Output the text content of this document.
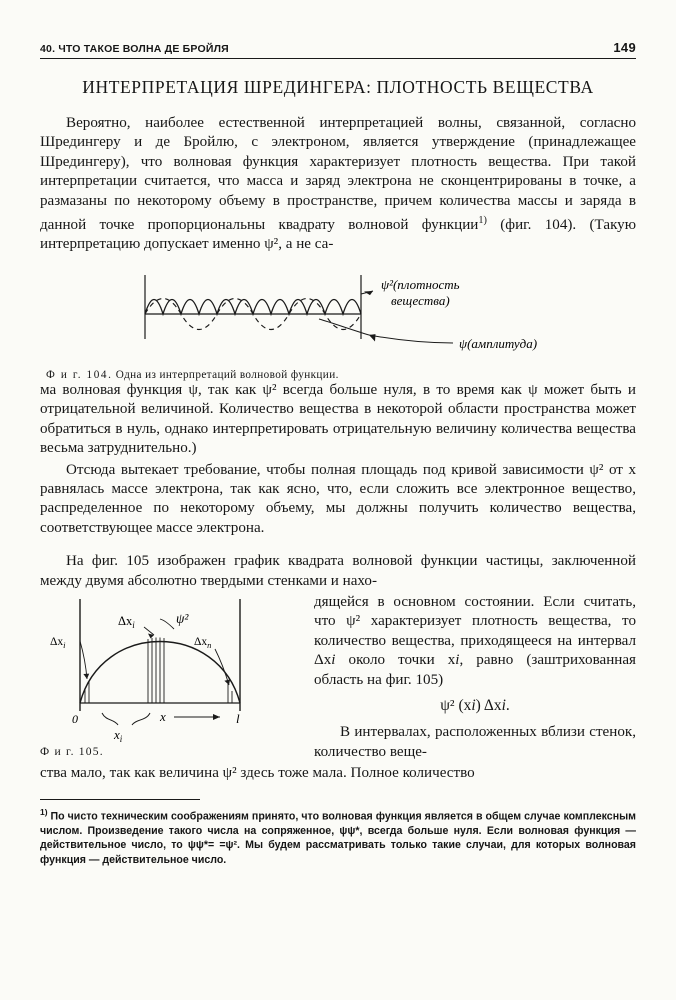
40. ЧТО ТАКОЕ ВОЛНА ДЕ БРОЙЛЯ	149
ИНТЕРПРЕТАЦИЯ ШРЕДИНГЕРА: ПЛОТНОСТЬ ВЕЩЕСТВА

Вероятно, наиболее естественной интерпретацией волны, связанной, согласно Шредингеру и де Бройлю, с электроном, является утверждение (принадлежащее Шредингеру), что волновая функция характеризует плотность вещества. При такой интерпретации считается, что масса и заряд электрона не сконцентрированы в точке, а размазаны по некоторому объему в пространстве, причем количества массы и заряда в данной точке пропорциональны квадрату волновой функции$^{1)}$ (фиг. 104). (Такую интерпретацию допускает именно ψ², а не са-

ψ²(плотность
вещества)
ψ(амплитуда)
Ф и г. 104. Одна из интерпретаций волновой функции.

ма волновая функция ψ, так как ψ² всегда больше нуля, в то время как ψ может быть и отрицательной величиной. Количество вещества в некоторой области пространства может обратиться в нуль, однако интерпретировать отрицательную величину количества вещества весьма затруднительно.)

Отсюда вытекает требование, чтобы полная площадь под кривой зависимости ψ² от x равнялась массе электрона, так как ясно, что, если сложить все электронное вещество, распределенное по некоторому объему, мы должны получить количество вещества, соответствующее массе электрона.

На фиг. 105 изображен график квадрата волновой функции частицы, заключенной между двумя абсолютно твердыми стенками и нахо-

$\Delta x_i$
$\Delta x_i$	$\Delta x_n$
ψ²
0	l
x
$x_i$
Ф и г. 105.

дящейся в основном состоянии. Если считать, что ψ² характеризует плотность вещества, то количество вещества, приходящееся на интервал Δxi около точки xi, равно (заштрихованная область на фиг. 105)

ψ² (xi) Δxi.

В интервалах, расположенных вблизи стенок, количество веще-

ства мало, так как величина ψ² здесь тоже мала. Полное количество

$^{1)}$ По чисто техническим соображениям принято, что волновая функция является в общем случае комплексным числом. Произведение такого числа на сопряженное, ψψ*, всегда больше нуля. Если волновая функция — действительное число, то ψψ*= =ψ². Мы будем рассматривать только такие случаи, для которых волновая функция — действительное число.
